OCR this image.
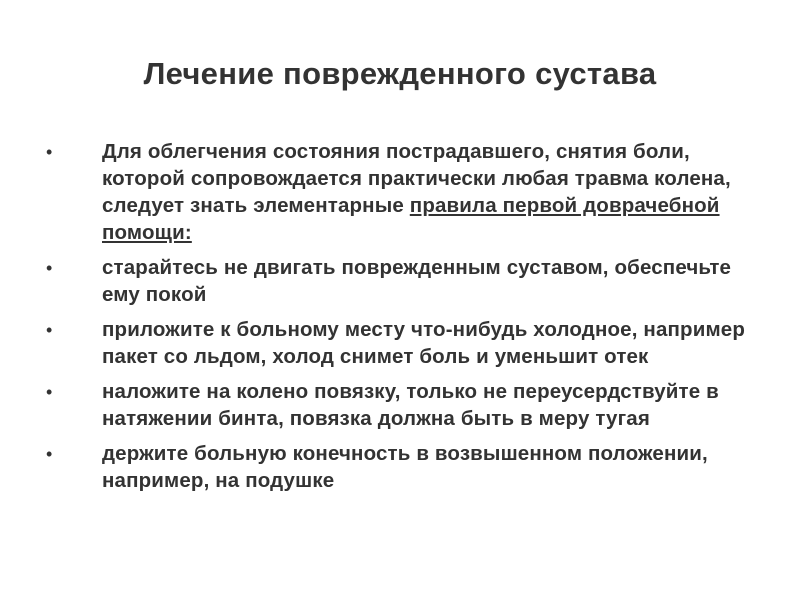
Лечение поврежденного сустава
• Для облегчения состояния пострадавшего, снятия боли, которой сопровождается практически любая травма колена, следует знать элементарные правила первой доврачебной помощи:
• старайтесь не двигать поврежденным суставом, обеспечьте ему покой
• приложите к больному месту что-нибудь холодное, например пакет со льдом, холод снимет боль и уменьшит отек
• наложите на колено повязку, только не переусердствуйте в натяжении бинта, повязка должна быть в меру тугая
• держите больную конечность в возвышенном положении, например, на подушке
